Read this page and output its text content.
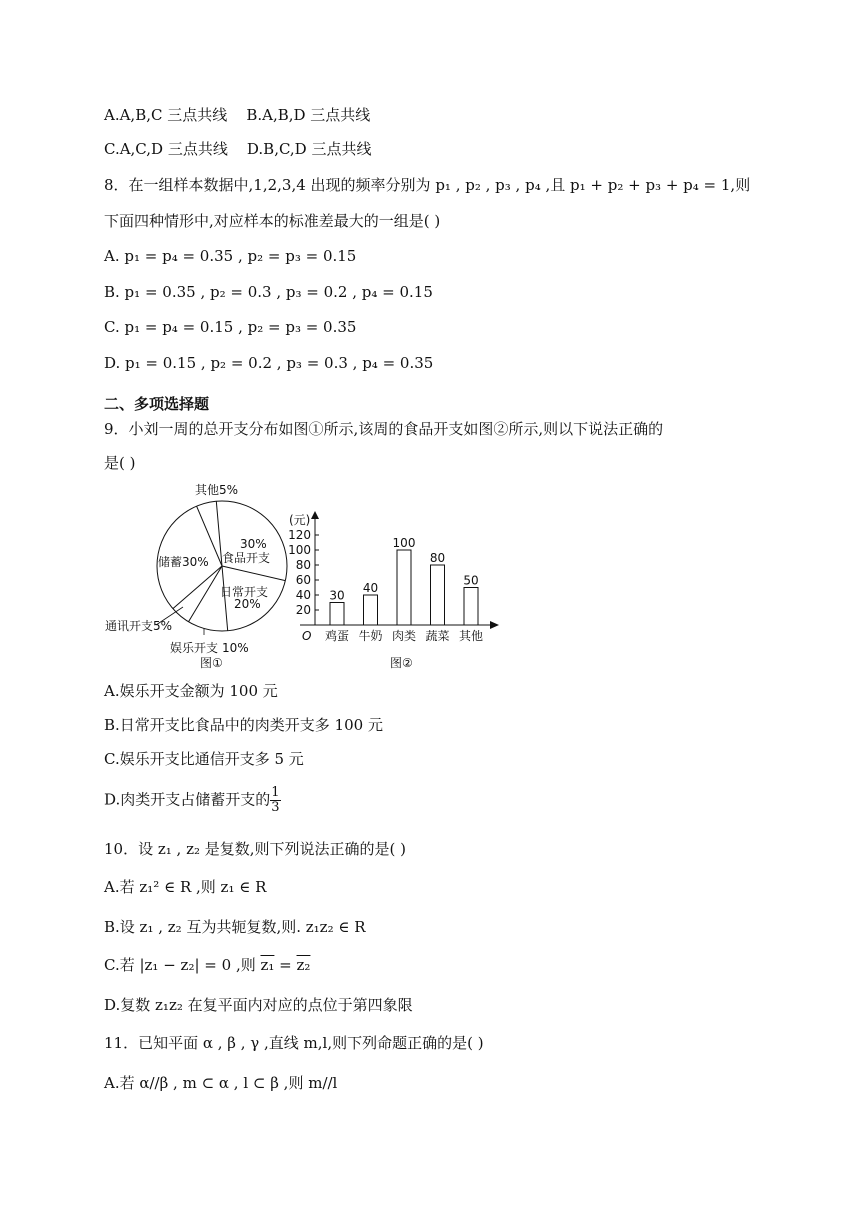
A.A,B,C 三点共线 B.A,B,D 三点共线
C.A,C,D 三点共线 D.B,C,D 三点共线
8．在一组样本数据中,1,2,3,4 出现的频率分别为 p₁ , p₂ , p₃ , p₄ ,且 p₁ + p₂ + p₃ + p₄ = 1,则
下面四种情形中,对应样本的标准差最大的一组是( )
A. p₁ = p₄ = 0.35 , p₂ = p₃ = 0.15
B. p₁ = 0.35 , p₂ = 0.3 , p₃ = 0.2 , p₄ = 0.15
C. p₁ = p₄ = 0.15 , p₂ = p₃ = 0.35
D. p₁ = 0.15 , p₂ = 0.2 , p₃ = 0.3 , p₄ = 0.35
二、多项选择题
9．小刘一周的总开支分布如图①所示,该周的食品开支如图②所示,则以下说法正确的
是( )
其他5%
30%
食品开支
储蓄30%
日常开支
20%
通讯开支5%
娱乐开支 10%
图①
(元)
O
20
40
60
80
100
120
30
鸡蛋
40
牛奶
100
肉类
80
蔬菜
50
其他
图②
A.娱乐开支金额为 100 元
B.日常开支比食品中的肉类开支多 100 元
C.娱乐开支比通信开支多 5 元
D.肉类开支占储蓄开支的 $\frac{1}{3}$
10．设 z₁ , z₂ 是复数,则下列说法正确的是( )
A.若 z₁² ∈ R ,则 z₁ ∈ R
B.设 z₁ , z₂ 互为共轭复数,则. z₁z₂ ∈ R
C.若 |z₁ − z₂| = 0 ,则 z₁ = z₂
D.复数 z₁z₂ 在复平面内对应的点位于第四象限
11．已知平面 α , β , γ ,直线 m,l,则下列命题正确的是( )
A.若 α//β , m ⊂ α , l ⊂ β ,则 m//l
